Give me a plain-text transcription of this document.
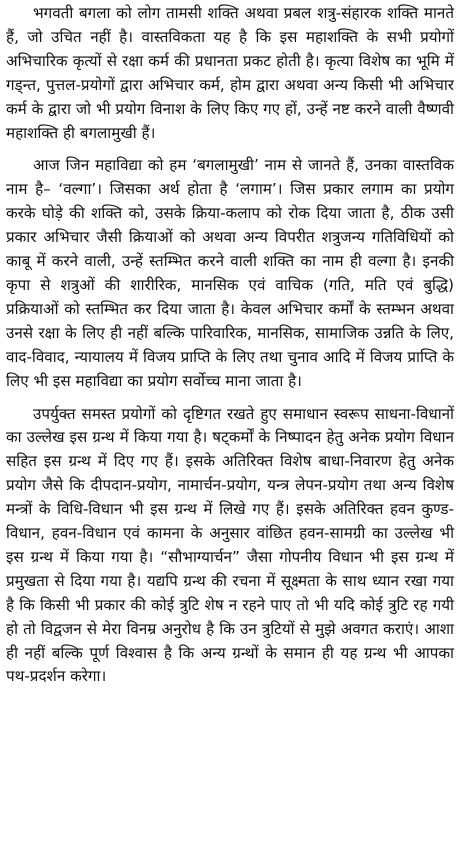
भगवती बगला को लोग तामसी शक्ति अथवा प्रबल शत्रु-संहारक शक्ति मानते हैं, जो उचित नहीं है। वास्तविकता यह है कि इस महाशक्ति के सभी प्रयोगों अभिचारिक कृत्यों से रक्षा कर्म की प्रधानता प्रकट होती है। कृत्या विशेष का भूमि में गड्न्त, पुत्तल-प्रयोगों द्वारा अभिचार कर्म, होम द्वारा अथवा अन्य किसी भी अभिचार कर्म के द्वारा जो भी प्रयोग विनाश के लिए किए गए हों, उन्हें नष्ट करने वाली वैष्णवी महाशक्ति ही बगलामुखी हैं।

आज जिन महाविद्या को हम ‘बगलामुखी’ नाम से जानते हैं, उनका वास्तविक नाम है– ‘वल्गा’। जिसका अर्थ होता है ‘लगाम’। जिस प्रकार लगाम का प्रयोग करके घोड़े की शक्ति को, उसके क्रिया-कलाप को रोक दिया जाता है, ठीक उसी प्रकार अभिचार जैसी क्रियाओं को अथवा अन्य विपरीत शत्रुजन्य गतिविधियों को काबू में करने वाली, उन्हें स्तम्भित करने वाली शक्ति का नाम ही वल्गा है। इनकी कृपा से शत्रुओं की शारीरिक, मानसिक एवं वाचिक (गति, मति एवं बुद्धि) प्रक्रियाओं को स्तम्भित कर दिया जाता है। केवल अभिचार कर्मों के स्तम्भन अथवा उनसे रक्षा के लिए ही नहीं बल्कि पारिवारिक, मानसिक, सामाजिक उन्नति के लिए, वाद-विवाद, न्यायालय में विजय प्राप्ति के लिए तथा चुनाव आदि में विजय प्राप्ति के लिए भी इस महाविद्या का प्रयोग सर्वोच्च माना जाता है।

उपर्युक्त समस्त प्रयोगों को दृष्टिगत रखते हुए समाधान स्वरूप साधना-विधानों का उल्लेख इस ग्रन्थ में किया गया है। षट्कर्मों के निष्पादन हेतु अनेक प्रयोग विधान सहित इस ग्रन्थ में दिए गए हैं। इसके अतिरिक्त विशेष बाधा-निवारण हेतु अनेक प्रयोग जैसे कि दीपदान-प्रयोग, नामार्चन-प्रयोग, यन्त्र लेपन-प्रयोग तथा अन्य विशेष मन्त्रों के विधि-विधान भी इस ग्रन्थ में लिखे गए हैं। इसके अतिरिक्त हवन कुण्ड-विधान, हवन-विधान एवं कामना के अनुसार वांछित हवन-सामग्री का उल्लेख भी इस ग्रन्थ में किया गया है। “सौभाग्यार्चन” जैसा गोपनीय विधान भी इस ग्रन्थ में प्रमुखता से दिया गया है। यद्यपि ग्रन्थ की रचना में सूक्ष्मता के साथ ध्यान रखा गया है कि किसी भी प्रकार की कोई त्रुटि शेष न रहने पाए तो भी यदि कोई त्रुटि रह गयी हो तो विद्वजन से मेरा विनम्र अनुरोध है कि उन त्रुटियों से मुझे अवगत कराएं। आशा ही नहीं बल्कि पूर्ण विश्वास है कि अन्य ग्रन्थों के समान ही यह ग्रन्थ भी आपका पथ-प्रदर्शन करेगा।
